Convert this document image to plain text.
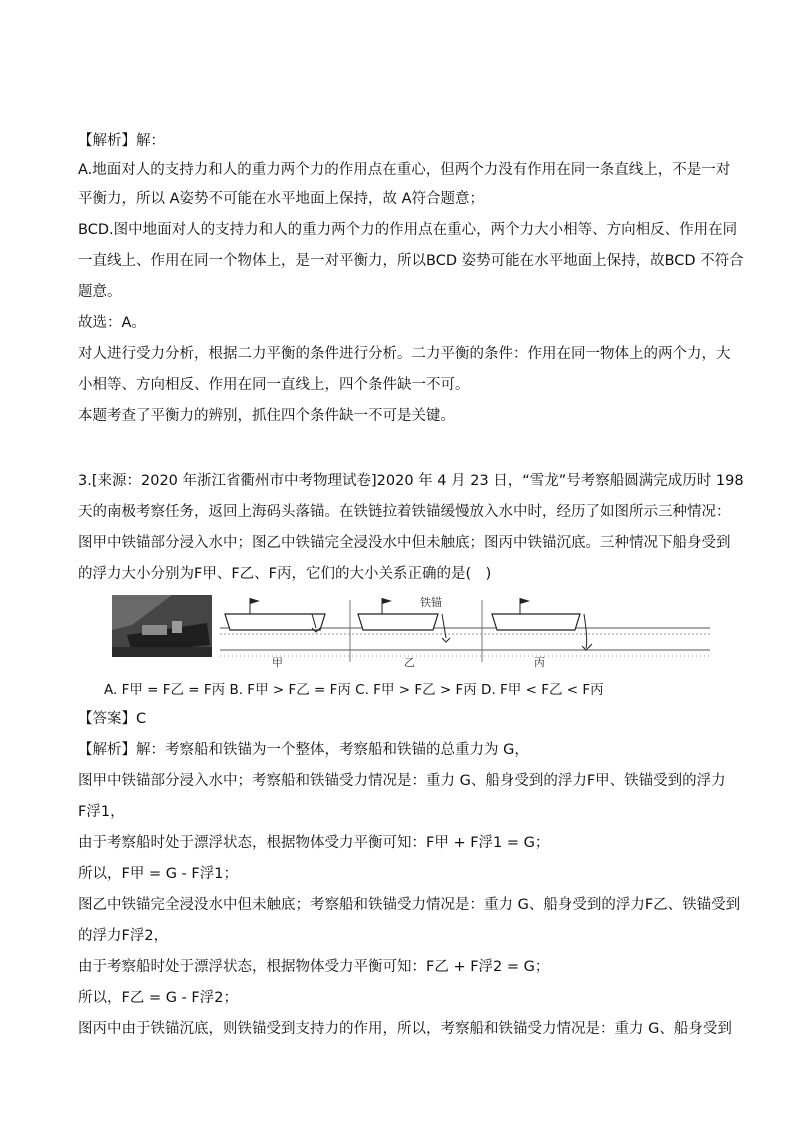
【解析】解：
A.地面对人的支持力和人的重力两个力的作用点在重心，但两个力没有作用在同一条直线上，不是一对
平衡力，所以 A姿势不可能在水平地面上保持，故 A符合题意；
BCD.图中地面对人的支持力和人的重力两个力的作用点在重心，两个力大小相等、方向相反、作用在同
一直线上、作用在同一个物体上，是一对平衡力，所以BCD 姿势可能在水平地面上保持，故BCD 不符合
题意。
故选：A。
对人进行受力分析，根据二力平衡的条件进行分析。二力平衡的条件：作用在同一物体上的两个力，大
小相等、方向相反、作用在同一直线上，四个条件缺一不可。
本题考查了平衡力的辨别，抓住四个条件缺一不可是关键。
3.[来源：2020 年浙江省衢州市中考物理试卷]2020 年 4 月 23 日，“雪龙”号考察船圆满完成历时 198
天的南极考察任务，返回上海码头落锚。在铁链拉着铁锚缓慢放入水中时，经历了如图所示三种情况：
图甲中铁锚部分浸入水中；图乙中铁锚完全浸没水中但未触底；图丙中铁锚沉底。三种情况下船身受到
的浮力大小分别为F甲、F乙、F丙，它们的大小关系正确的是(　)
铁锚
甲	乙	丙
A. F甲 = F乙 = F丙 B. F甲 > F乙 = F丙 C. F甲 > F乙 > F丙 D. F甲 < F乙 < F丙
【答案】C
【解析】解：考察船和铁锚为一个整体，考察船和铁锚的总重力为 G，
图甲中铁锚部分浸入水中；考察船和铁锚受力情况是：重力 G、船身受到的浮力F甲、铁锚受到的浮力
F浮1，
由于考察船时处于漂浮状态，根据物体受力平衡可知：F甲 + F浮1 = G；
所以，F甲 = G - F浮1；
图乙中铁锚完全浸没水中但未触底；考察船和铁锚受力情况是：重力 G、船身受到的浮力F乙、铁锚受到
的浮力F浮2，
由于考察船时处于漂浮状态，根据物体受力平衡可知：F乙 + F浮2 = G；
所以，F乙 = G - F浮2；
图丙中由于铁锚沉底，则铁锚受到支持力的作用，所以，考察船和铁锚受力情况是：重力 G、船身受到
